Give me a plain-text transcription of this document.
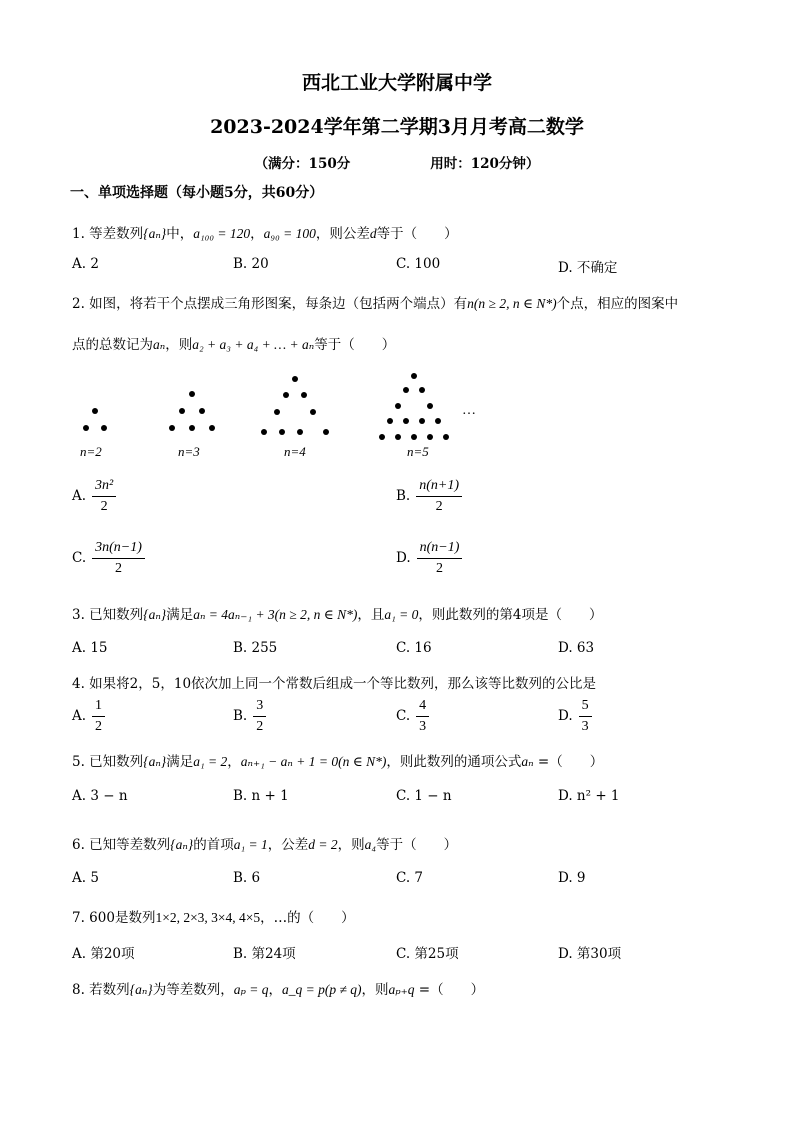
西北工业大学附属中学
2023-2024学年第二学期3月月考高二数学
（满分：150分	用时：120分钟）
一、单项选择题（每小题5分，共60分）
1. 等差数列{aₙ}中，a₁₀₀ = 120，a₉₀ = 100，则公差d等于（　　）
A. 2	B. 20	C. 100	D. 不确定
2. 如图，将若干个点摆成三角形图案，每条边（包括两个端点）有n(n ≥ 2, n ∈ N*)个点，相应的图案中
点的总数记为aₙ，则a₂ + a₃ + a₄ + … + aₙ等于（　　）
…
n=2	n=3	n=4	n=5
A. $\frac{\text{3n²}}{2}$	B. $\frac{n(n+1)}{2}$
C. $\frac{3n(n-1)}{2}$	D. $\frac{n(n-1)}{2}$
3. 已知数列{aₙ}满足aₙ = 4aₙ₋₁ + 3(n ≥ 2, n ∈ N*)，且a₁ = 0，则此数列的第4项是（　　）
A. 15	B. 255	C. 16	D. 63
4. 如果将2，5，10依次加上同一个常数后组成一个等比数列，那么该等比数列的公比是
A. $\frac{1}{2}$	B. $\frac{3}{2}$	C. $\frac{4}{3}$	D. $\frac{5}{3}$
5. 已知数列{aₙ}满足a₁ = 2，aₙ₊₁ − aₙ + 1 = 0(n ∈ N*)，则此数列的通项公式aₙ =（　　）
A. 3 − n	B. n + 1	C. 1 − n	D. n² + 1
6. 已知等差数列{aₙ}的首项a₁ = 1，公差d = 2，则a₄等于（　　）
A. 5	B. 6	C. 7	D. 9
7. 600是数列1×2, 2×3, 3×4, 4×5，…的（　　）
A. 第20项	B. 第24项	C. 第25项	D. 第30项
8. 若数列{aₙ}为等差数列，aₚ = q，a_q = p(p ≠ q)，则aₚ₊q =（　　）
